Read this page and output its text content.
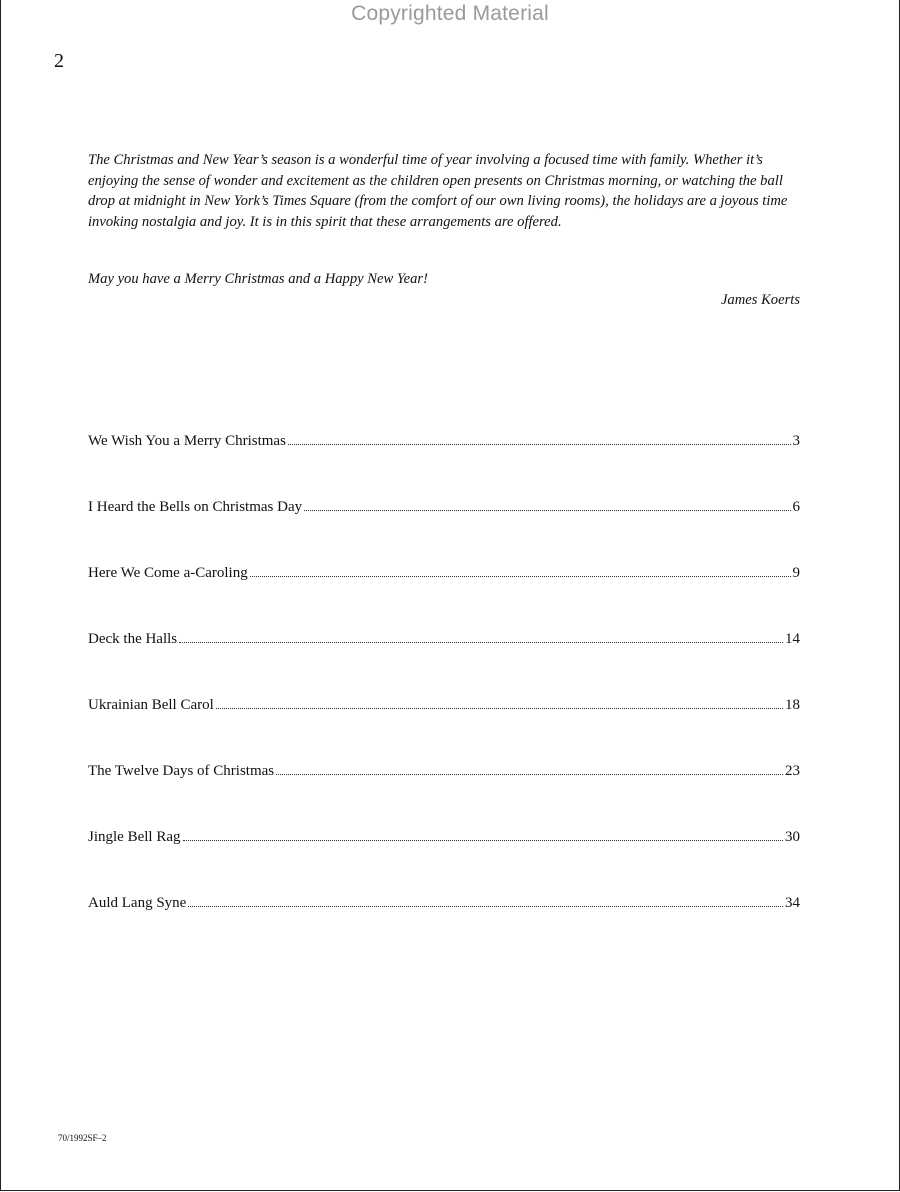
Copyrighted Material
2

The Christmas and New Year’s season is a wonderful time of year involving a focused time with family. Whether it’s enjoying the sense of wonder and excitement as the children open presents on Christmas morning, or watching the ball drop at midnight in New York’s Times Square (from the comfort of our own living rooms), the holidays are a joyous time invoking nostalgia and joy. It is in this spirit that these arrangements are offered.

May you have a Merry Christmas and a Happy New Year!
James Koerts
We Wish You a Merry Christmas	3
I Heard the Bells on Christmas Day	6
Here We Come a-Caroling	9
Deck the Halls	14
Ukrainian Bell Carol	18
The Twelve Days of Christmas	23
Jingle Bell Rag	30
Auld Lang Syne	34
70/1992SF–2
